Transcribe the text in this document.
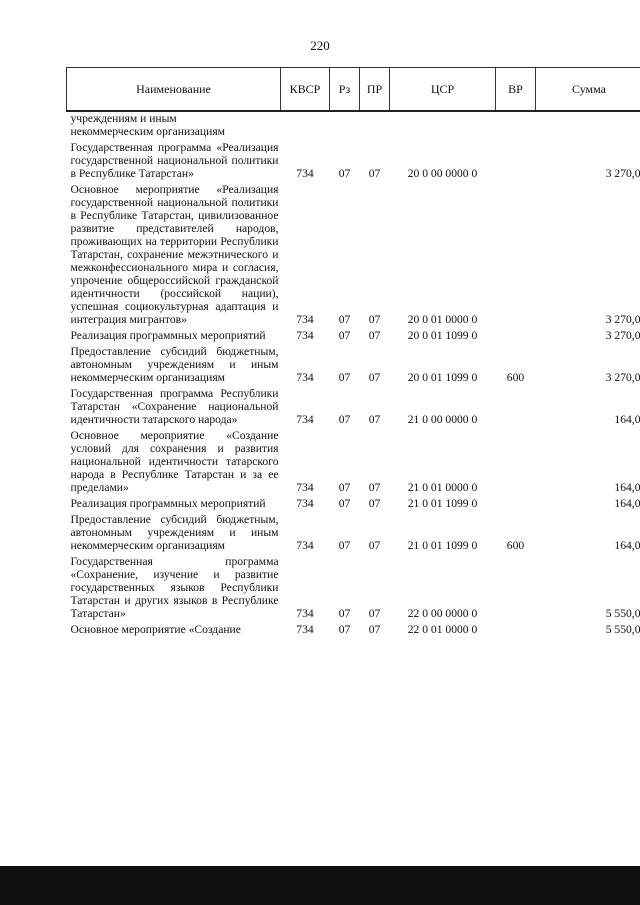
220
Наименование	КВСР	Рз	ПР	ЦСР	ВР	Сумма
учреждениям и иным
некоммерческим организациям						
Государственная программа «Реализация государственной национальной политики в Республике Татарстан»	734	07	07	20 0 00 0000 0		3 270,0
Основное мероприятие «Реализация государственной национальной политики в Республике Татарстан, цивилизованное развитие представителей народов, проживающих на территории Республики Татарстан, сохранение межэтнического и межконфессионального мира и согласия, упрочение общероссийской гражданской идентичности (российской нации), успешная социокультурная адаптация и интеграция мигрантов»	734	07	07	20 0 01 0000 0		3 270,0
Реализация программных мероприятий	734	07	07	20 0 01 1099 0		3 270,0
Предоставление субсидий бюджетным, автономным учреждениям и иным некоммерческим организациям	734	07	07	20 0 01 1099 0	600	3 270,0
Государственная программа Республики Татарстан «Сохранение национальной идентичности татарского народа»	734	07	07	21 0 00 0000 0		164,0
Основное мероприятие «Создание условий для сохранения и развития национальной идентичности татарского народа в Республике Татарстан и за ее пределами»	734	07	07	21 0 01 0000 0		164,0
Реализация программных мероприятий	734	07	07	21 0 01 1099 0		164,0
Предоставление субсидий бюджетным, автономным учреждениям и иным некоммерческим организациям	734	07	07	21 0 01 1099 0	600	164,0
Государственная программа «Сохранение, изучение и развитие государственных языков Республики Татарстан и других языков в Республике Татарстан»	734	07	07	22 0 00 0000 0		5 550,0
Основное мероприятие «Создание	734	07	07	22 0 01 0000 0		5 550,0
